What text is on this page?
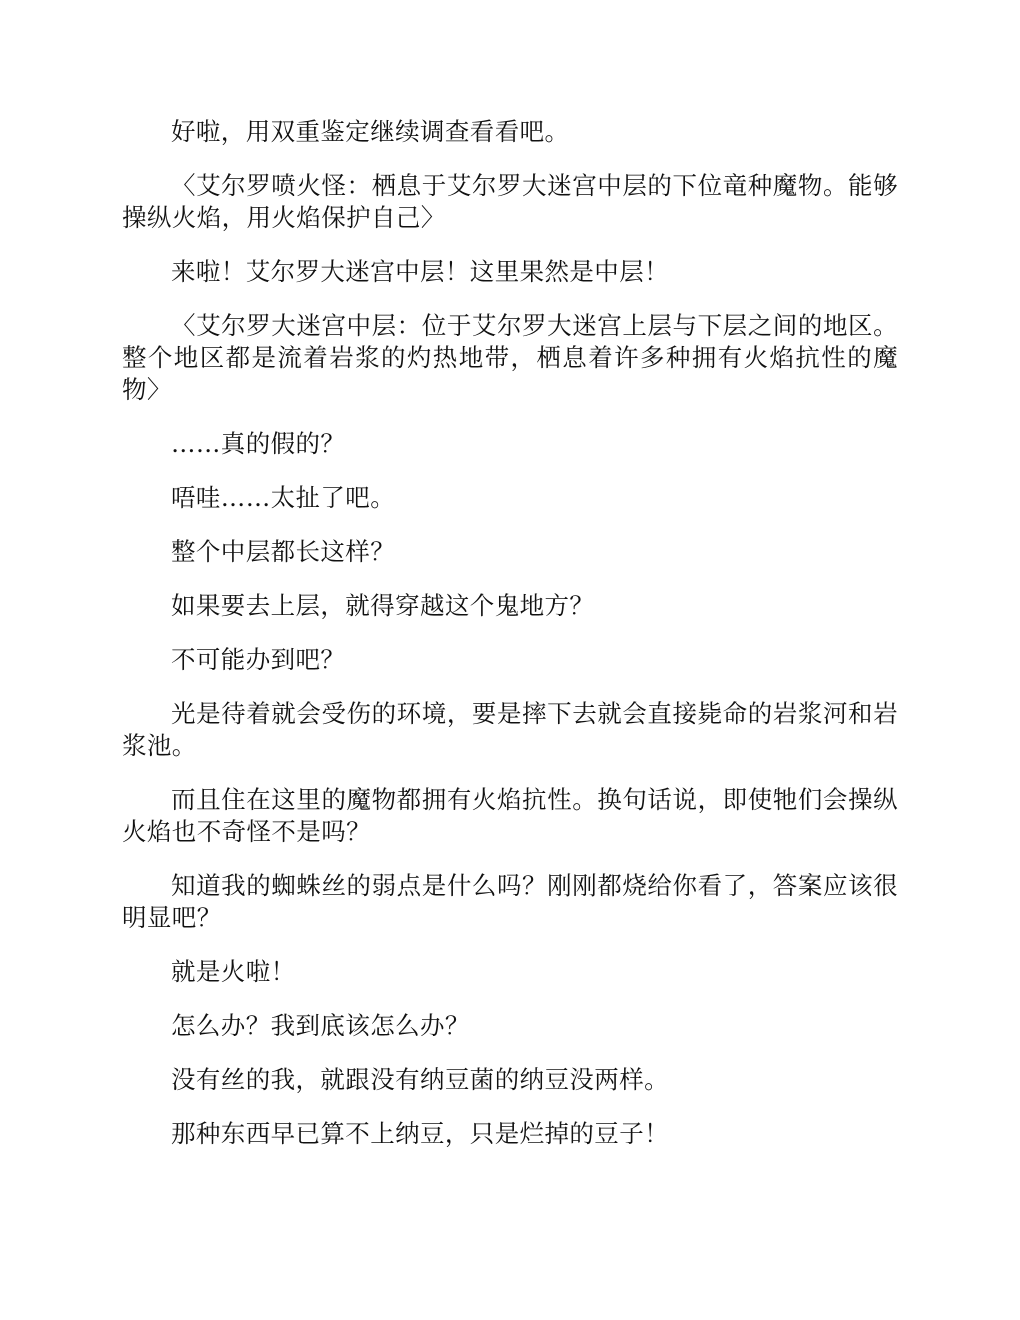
好啦，用双重鉴定继续调查看看吧。

〈艾尔罗喷火怪：栖息于艾尔罗大迷宫中层的下位竜种魔物。能够操纵火焰，用火焰保护自己〉

来啦！艾尔罗大迷宫中层！这里果然是中层！

〈艾尔罗大迷宫中层：位于艾尔罗大迷宫上层与下层之间的地区。整个地区都是流着岩浆的灼热地带，栖息着许多种拥有火焰抗性的魔物〉

……真的假的？

唔哇……太扯了吧。

整个中层都长这样？

如果要去上层，就得穿越这个鬼地方？

不可能办到吧？

光是待着就会受伤的环境，要是摔下去就会直接毙命的岩浆河和岩浆池。

而且住在这里的魔物都拥有火焰抗性。换句话说，即使牠们会操纵火焰也不奇怪不是吗？

知道我的蜘蛛丝的弱点是什么吗？刚刚都烧给你看了，答案应该很明显吧？

就是火啦！

怎么办？我到底该怎么办？

没有丝的我，就跟没有纳豆菌的纳豆没两样。

那种东西早已算不上纳豆，只是烂掉的豆子！
